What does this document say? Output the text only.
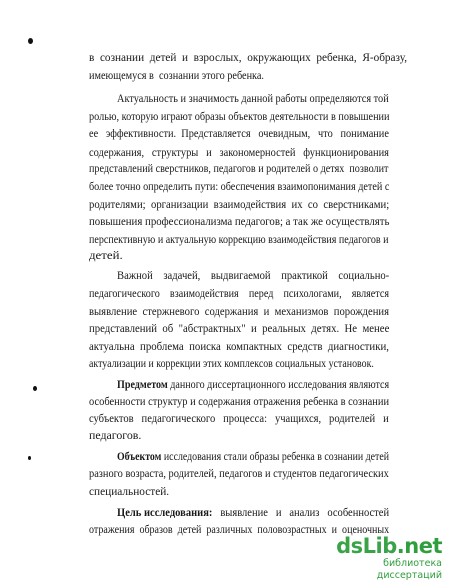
в  сознании  детей  и  взрослых,  окружающих  ребенка,  Я-образу,
имеющемуся в  сознании этого ребенка.
Актуальность и значимость данной работы определяются той
ролью, которую играют образы объектов деятельности в повышении
ее   эффективности.  Представляется   очевидным,   что   понимание
содержания,   структуры   и   закономерностей   функционирования
представлений сверстников, педагогов и родителей о детях  позволит
более точно определить пути: обеспечения взаимопонимания детей с
родителями;  организации  взаимодействия  их  со  сверстниками;
повышения профессионализма педагогов; а так же осуществлять
перспективную и актуальную коррекцию взаимодействия педагогов и
детей.
Важной    задачей,    выдвигаемой    практикой    социально-
педагогического    взаимодействия    перед    психологами,    является
выявление  стержневого  содержания  и  механизмов  порождения
представлений  об  "абстрактных"  и  реальных  детях.  Не  менее
актуальна  проблема  поиска  компактных  средств  диагностики,
актуализации и коррекции этих комплексов социальных установок.
Предметом данного диссертационного исследования являются
особенности структур и содержания отражения ребенка в сознании
субъектов   педагогического   процесса:   учащихся,   родителей   и
педагогов.
Объектом исследования стали образы ребенка в сознании детей
разного возраста, родителей, педагогов и студентов педагогических
специальностей.
Цель исследования:   выявление   и   анализ   особенностей
отражения  образов  детей  различных  половозрастных  и  оценочных
dsLib.net
библиотека диссертаций
